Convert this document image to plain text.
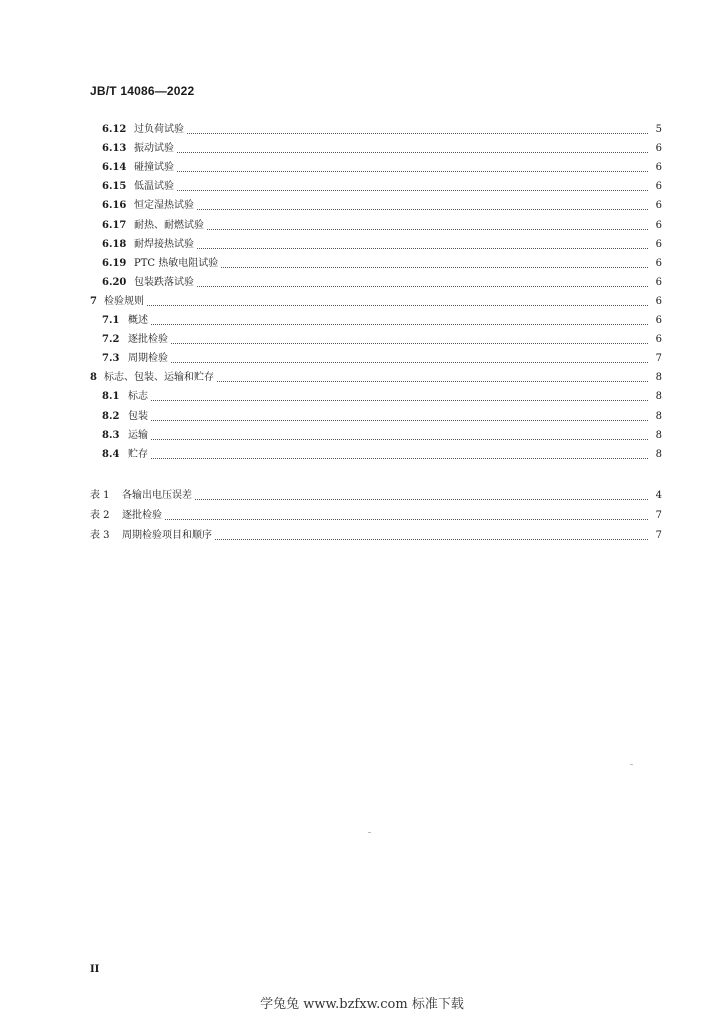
JB/T 14086—2022
6.12 过负荷试验	5
6.13 振动试验	6
6.14 碰撞试验	6
6.15 低温试验	6
6.16 恒定湿热试验	6
6.17 耐热、耐燃试验	6
6.18 耐焊接热试验	6
6.19 PTC 热敏电阻试验	6
6.20 包装跌落试验	6
7 检验规则	6
7.1 概述	6
7.2 逐批检验	6
7.3 周期检验	7
8 标志、包装、运输和贮存	8
8.1 标志	8
8.2 包装	8
8.3 运输	8
8.4 贮存	8
表 1 各输出电压误差	4
表 2 逐批检验	7
表 3 周期检验项目和顺序	7
II
学兔兔 www.bzfxw.com 标准下载
